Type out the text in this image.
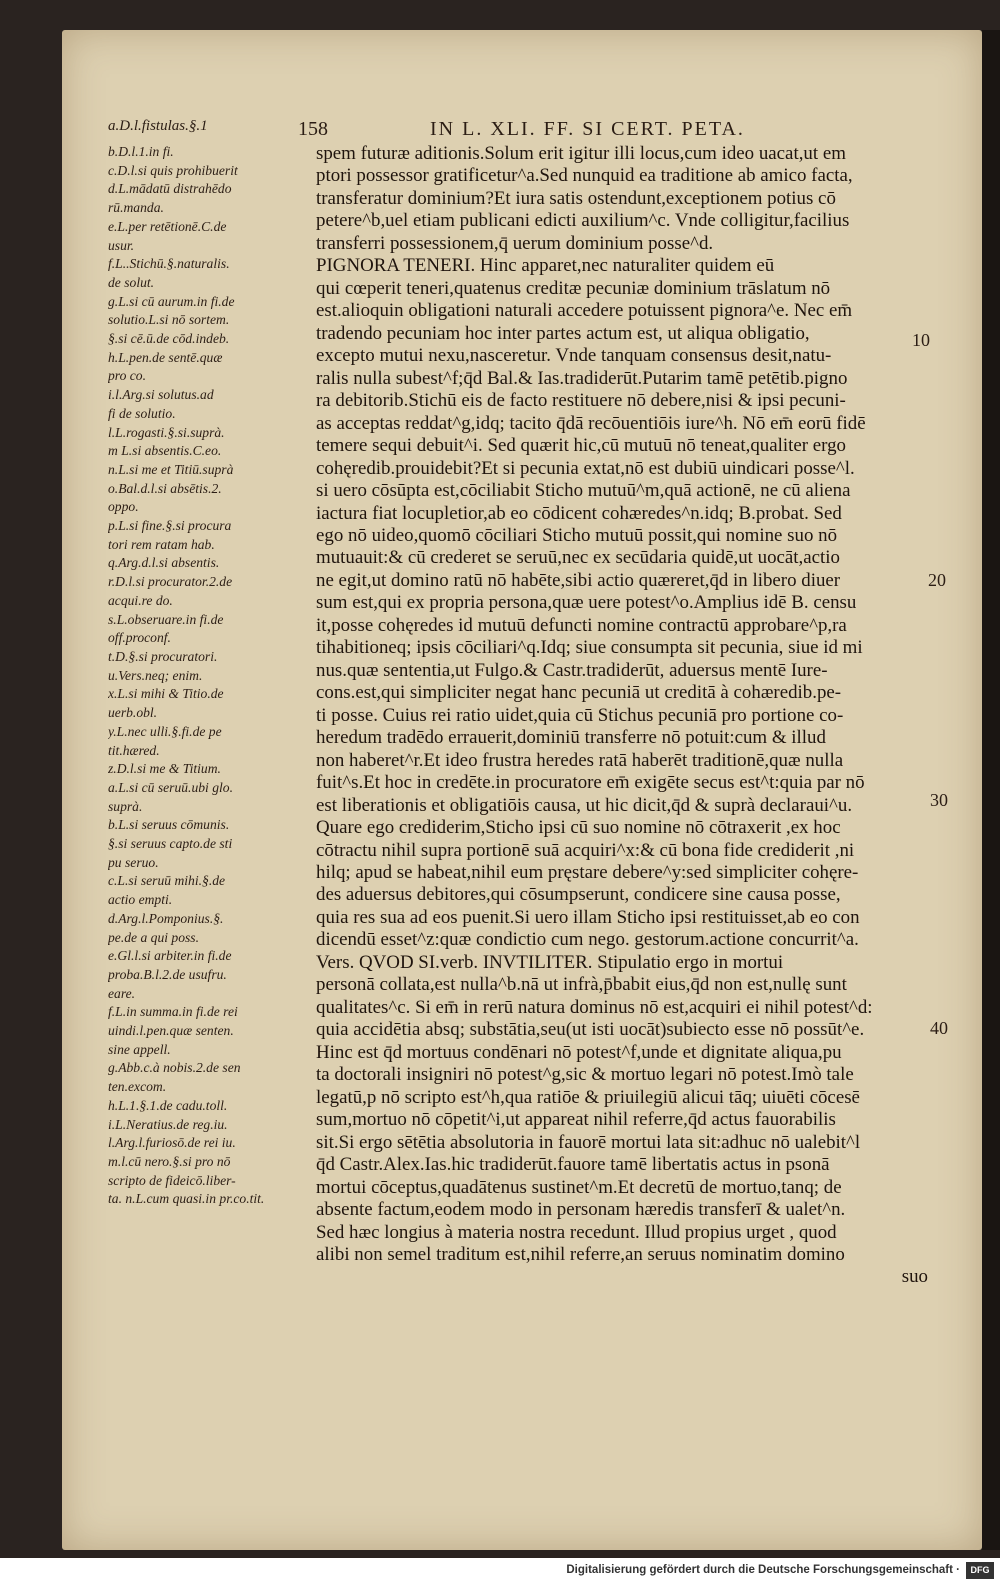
a.D.l.fistulas.§.1	158	IN L. XLI. FF. SI CERT. PETA.
b.D.l.1.in fi.
c.D.l.si quis prohibuerit
d.L.mādatū distrahēdo
rū.manda.
e.L.per retētionē.C.de
usur.
f.L..Stichū.§.naturalis.
de solut.
g.L.si cū aurum.in fi.de
solutio.L.si nō sortem.
§.si cē.ū.de cōd.indeb.
h.L.pen.de sentē.quæ
pro co.
i.l.Arg.si solutus.ad
fi de solutio.
l.L.rogasti.§.si.suprà.
m L.si absentis.C.eo.
n.L.si me et Titiū.suprà
o.Bal.d.l.si absētis.2.
oppo.
p.L.si fine.§.si procura
tori rem ratam hab.
q.Arg.d.l.si absentis.
r.D.l.si procurator.2.de
acqui.re do.
s.L.obseruare.in fi.de
off.proconf.
t.D.§.si procuratori.
u.Vers.neq; enim.
x.L.si mihi & Titio.de
uerb.obl.
y.L.nec ulli.§.fi.de pe
tit.hæred.
z.D.l.si me & Titium.
a.L.si cū seruū.ubi glo.
suprà.
b.L.si seruus cōmunis.
§.si seruus capto.de sti
pu seruo.
c.L.si seruū mihi.§.de
actio empti.
d.Arg.l.Pomponius.§.
pe.de a qui poss.
e.Gl.l.si arbiter.in fi.de
proba.B.l.2.de usufru.
eare.
f.L.in summa.in fi.de rei
uindi.l.pen.quæ senten.
sine appell.
g.Abb.c.à nobis.2.de sen
ten.excom.
h.L.1.§.1.de cadu.toll.
i.L.Neratius.de reg.iu.
l.Arg.l.furiosō.de rei iu.
m.l.cū nero.§.si pro nō
scripto de fideicō.liber-
ta. n.L.cum quasi.in pr.co.tit.
spem futuræ aditionis.Solum erit igitur illi locus,cum ideo uacat,ut em
ptori possessor gratificetur^a.Sed nunquid ea traditione ab amico facta,
transferatur dominium?Et iura satis ostendunt,exceptionem potius cō
petere^b,uel etiam publicani edicti auxilium^c. Vnde colligitur,facilius
transferri possessionem,q̄ uerum dominium posse^d.
PIGNORA TENERI. Hinc apparet,nec naturaliter quidem eū
qui cœperit teneri,quatenus creditæ pecuniæ dominium trāslatum nō
est.alioquin obligationi naturali accedere potuissent pignora^e. Nec em̄
tradendo pecuniam hoc inter partes actum est, ut aliqua obligatio,
excepto mutui nexu,nasceretur. Vnde tanquam consensus desit,natu-
ralis nulla subest^f;q̄d Bal.& Ias.tradiderūt.Putarim tamē petētib.pigno
ra debitorib.Stichū eis de facto restituere nō debere,nisi & ipsi pecuni-
as acceptas reddat^g,idq; tacito q̄dā recōuentiōis iure^h. Nō em̄ eorū fidē
temere sequi debuit^i. Sed quærit hic,cū mutuū nō teneat,qualiter ergo
cohęredib.prouidebit?Et si pecunia extat,nō est dubiū uindicari posse^l.
si uero cōsūpta est,cōciliabit Sticho mutuū^m,quā actionē, ne cū aliena
iactura fiat locupletior,ab eo cōdicent cohæredes^n.idq; B.probat. Sed
ego nō uideo,quomō cōciliari Sticho mutuū possit,qui nomine suo nō
mutuauit:& cū crederet se seruū,nec ex secūdaria quidē,ut uocāt,actio
ne egit,ut domino ratū nō habēte,sibi actio quæreret,q̄d in libero diuer
sum est,qui ex propria persona,quæ uere potest^o.Amplius idē B. censu
it,posse cohęredes id mutuū defuncti nomine contractū approbare^p,ra
tihabitioneq; ipsis cōciliari^q.Idq; siue consumpta sit pecunia, siue id mi
nus.quæ sententia,ut Fulgo.& Castr.tradiderūt, aduersus mentē Iure-
cons.est,qui simpliciter negat hanc pecuniā ut creditā à cohæredib.pe-
ti posse. Cuius rei ratio uidet,quia cū Stichus pecuniā pro portione co-
heredum tradēdo errauerit,dominiū transferre nō potuit:cum & illud
non haberet^r.Et ideo frustra heredes ratā haberēt traditionē,quæ nulla
fuit^s.Et hoc in credēte.in procuratore em̄ exigēte secus est^t:quia par nō
est liberationis et obligatiōis causa, ut hic dicit,q̄d & suprà declaraui^u.
Quare ego crediderim,Sticho ipsi cū suo nomine nō cōtraxerit ,ex hoc
cōtractu nihil supra portionē suā acquiri^x:& cū bona fide crediderit ,ni
hilq; apud se habeat,nihil eum pręstare debere^y:sed simpliciter cohęre-
des aduersus debitores,qui cōsumpserunt, condicere sine causa posse,
quia res sua ad eos puenit.Si uero illam Sticho ipsi restituisset,ab eo con
dicendū esset^z:quæ condictio cum nego. gestorum.actione concurrit^a.
Vers. QVOD SI.verb. INVTILITER. Stipulatio ergo in mortui
personā collata,est nulla^b.nā ut infrà,p̄babit eius,q̄d non est,nullę sunt
qualitates^c. Si em̄ in rerū natura dominus nō est,acquiri ei nihil potest^d:
quia accidētia absq; substātia,seu(ut isti uocāt)subiecto esse nō possūt^e.
Hinc est q̄d mortuus condēnari nō potest^f,unde et dignitate aliqua,pu
ta doctorali insigniri nō potest^g,sic & mortuo legari nō potest.Imò tale
legatū,p nō scripto est^h,qua ratiōe & priuilegiū alicui tāq; uiuēti cōcesē
sum,mortuo nō cōpetit^i,ut appareat nihil referre,q̄d actus fauorabilis
sit.Si ergo sētētia absolutoria in fauorē mortui lata sit:adhuc nō ualebit^l
q̄d Castr.Alex.Ias.hic tradiderūt.fauore tamē libertatis actus in psonā
mortui cōceptus,quadātenus sustinet^m.Et decretū de mortuo,tanq; de
absente factum,eodem modo in personam hæredis transferī & ualet^n.
Sed hæc longius à materia nostra recedunt. Illud propius urget , quod
alibi non semel traditum est,nihil referre,an seruus nominatim domino
suo
10
20
30
40
Digitalisierung gefördert durch die Deutsche Forschungsgemeinschaft ·	DFG
